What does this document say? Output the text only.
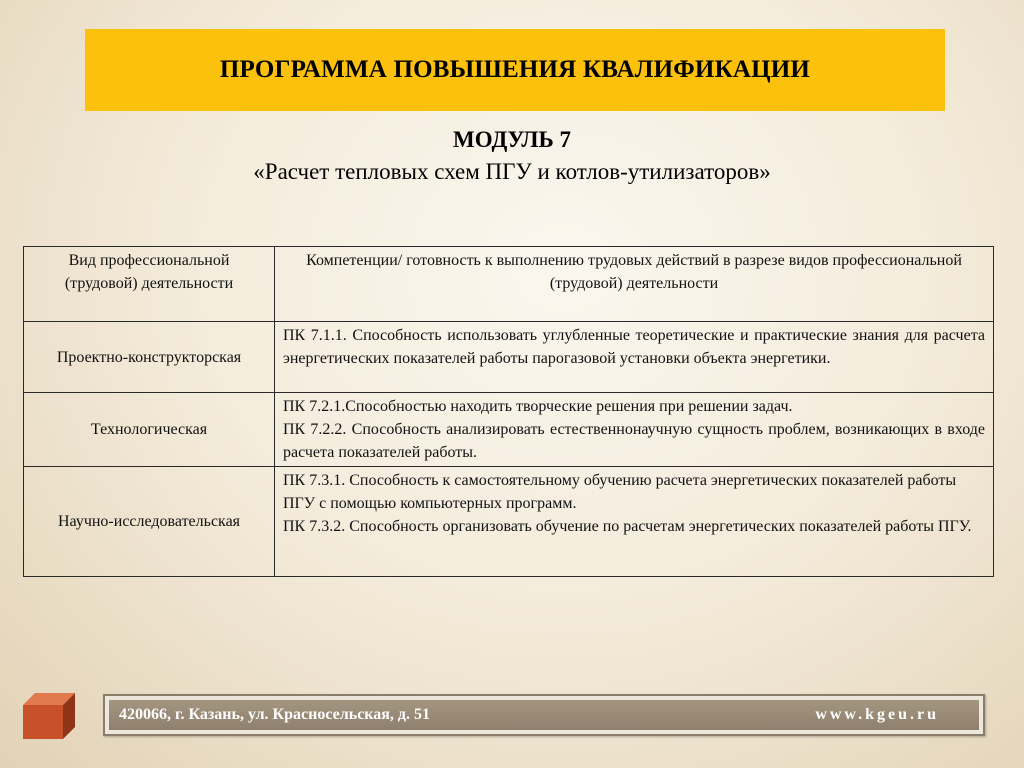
ПРОГРАММА ПОВЫШЕНИЯ КВАЛИФИКАЦИИ
МОДУЛЬ 7
«Расчет тепловых схем ПГУ и котлов-утилизаторов»
Вид профессиональной (трудовой) деятельности	Компетенции/ готовность к выполнению трудовых действий в разрезе видов профессиональной (трудовой) деятельности
Проектно-конструкторская	ПК 7.1.1. Способность использовать углубленные теоретические и практические знания для расчета энергетических показателей работы парогазовой установки объекта энергетики.

Технологическая	ПК 7.2.1.Способностью находить творческие решения при решении задач.
ПК 7.2.2. Способность анализировать естественнонаучную сущность проблем, возникающих в входе расчета показателей работы.

Научно-исследовательская	ПК 7.3.1. Способность к самостоятельному обучению расчета энергетических показателей работы ПГУ с помощью компьютерных программ.
ПК 7.3.2. Способность организовать обучение по расчетам энергетических показателей работы ПГУ.
420066, г. Казань, ул. Красносельская, д. 51	www.kgeu.ru
